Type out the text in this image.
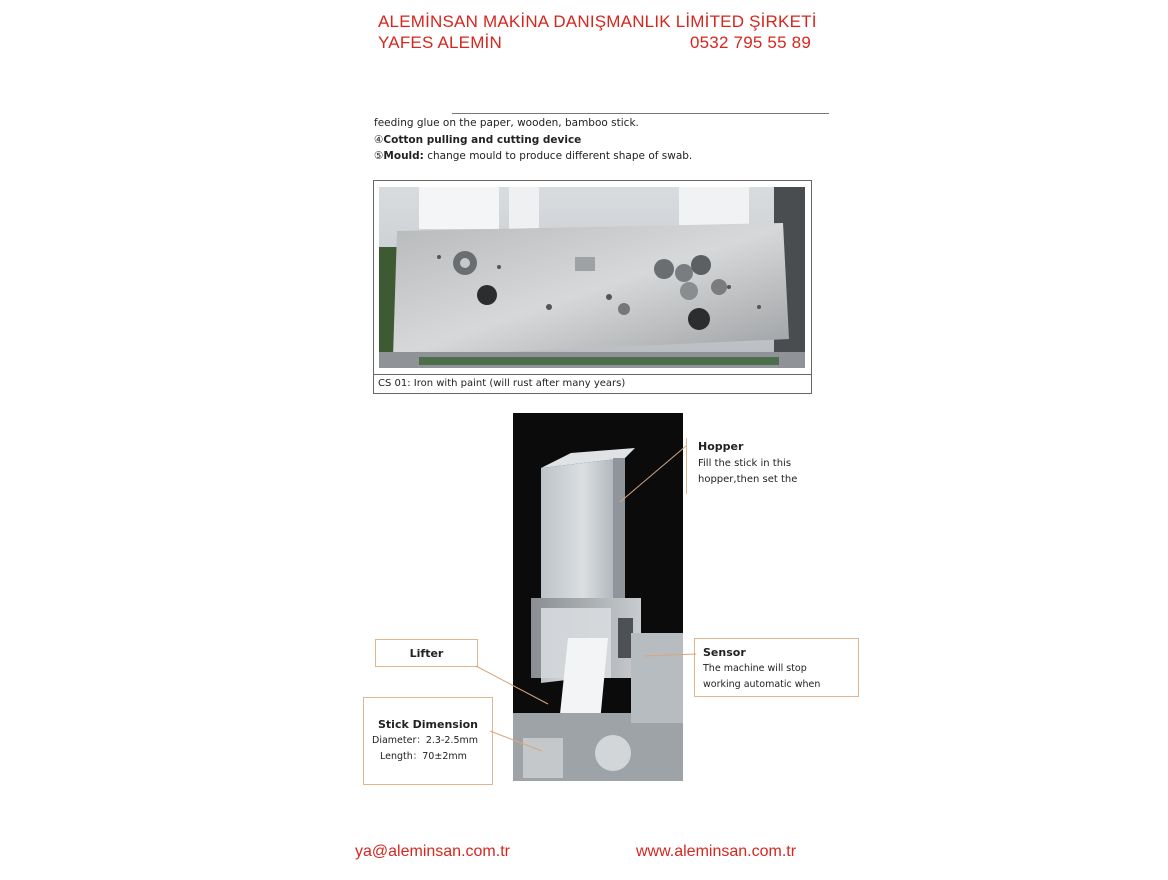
ALEMİNSAN MAKİNA DANIŞMANLIK LİMİTED ŞİRKETİ
YAFES ALEMİN	0532 795 55 89
feeding glue on the paper, wooden, bamboo stick.
④Cotton pulling and cutting device
⑤Mould: change mould to produce different shape of swab.
CS 01: Iron with paint (will rust after many years)
Hopper
Fill the stick in this
hopper,then set the
Lifter	Sensor
The machine will stop
working automatic when
Stick Dimension
Diameter：2.3-2.5mm
Length：70±2mm
ya@aleminsan.com.tr	www.aleminsan.com.tr
